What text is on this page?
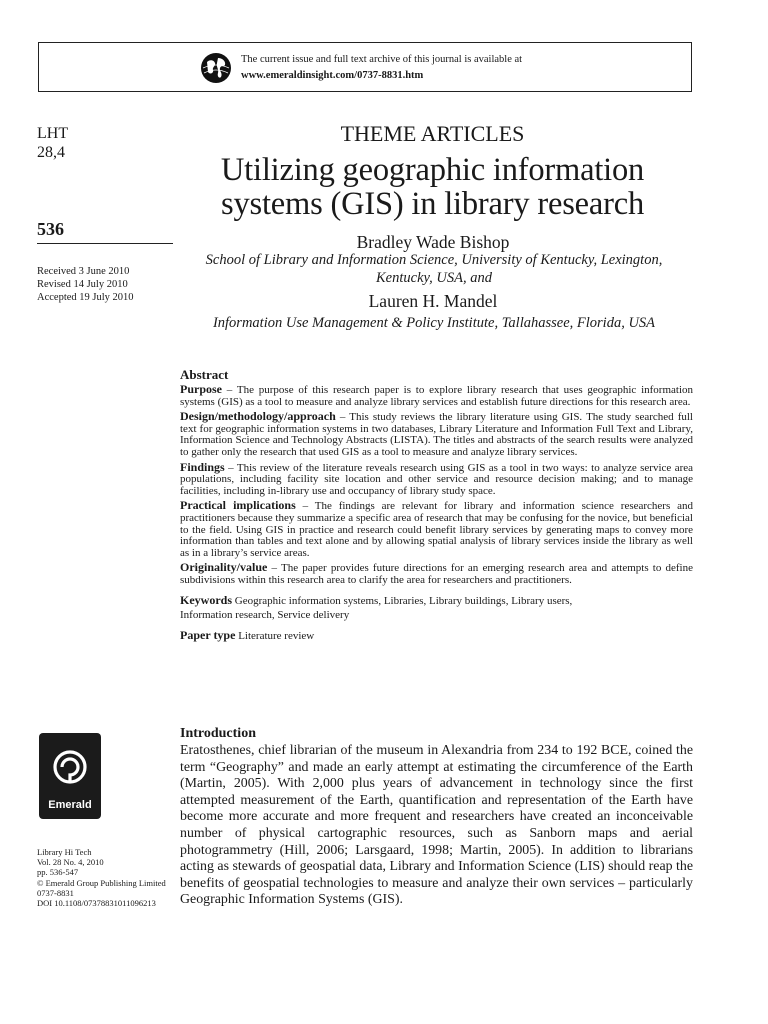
The current issue and full text archive of this journal is available at
www.emeraldinsight.com/0737-8831.htm
LHT
28,4
536
Received 3 June 2010
Revised 14 July 2010
Accepted 19 July 2010
THEME ARTICLES
Utilizing geographic information
systems (GIS) in library research
Bradley Wade Bishop
School of Library and Information Science, University of Kentucky, Lexington,
Kentucky, USA, and
Lauren H. Mandel
Information Use Management & Policy Institute, Tallahassee, Florida, USA
Abstract

Purpose – The purpose of this research paper is to explore library research that uses geographic information systems (GIS) as a tool to measure and analyze library services and establish future directions for this research area.

Design/methodology/approach – This study reviews the library literature using GIS. The study searched full text for geographic information systems in two databases, Library Literature and Information Full Text and Library, Information Science and Technology Abstracts (LISTA). The titles and abstracts of the search results were analyzed to gather only the research that used GIS as a tool to measure and analyze library services.

Findings – This review of the literature reveals research using GIS as a tool in two ways: to analyze service area populations, including facility site location and other service and resource decision making; and to manage facilities, including in-library use and occupancy of library study space.

Practical implications – The findings are relevant for library and information science researchers and practitioners because they summarize a specific area of research that may be confusing for the novice, but beneficial to the field. Using GIS in practice and research could benefit library services by generating maps to convey more information than tables and text alone and by allowing spatial analysis of library services inside the library as well as in a library’s service areas.

Originality/value – The paper provides future directions for an emerging research area and attempts to define subdivisions within this research area to clarify the area for researchers and practitioners.

Keywords Geographic information systems, Libraries, Library buildings, Library users,
Information research, Service delivery

Paper type Literature review

Emerald
Library Hi Tech
Vol. 28 No. 4, 2010
pp. 536-547
© Emerald Group Publishing Limited
0737-8831
DOI 10.1108/07378831011096213
Introduction

Eratosthenes, chief librarian of the museum in Alexandria from 234 to 192 BCE, coined the term “Geography” and made an early attempt at estimating the circumference of the Earth (Martin, 2005). With 2,000 plus years of advancement in technology since the first attempted measurement of the Earth, quantification and representation of the Earth have become more accurate and more frequent and researchers have created an inconceivable number of physical cartographic resources, such as Sanborn maps and aerial photogrammetry (Hill, 2006; Larsgaard, 1998; Martin, 2005). In addition to librarians acting as stewards of geospatial data, Library and Information Science (LIS) should reap the benefits of geospatial technologies to measure and analyze their own services – particularly Geographic Information Systems (GIS).
